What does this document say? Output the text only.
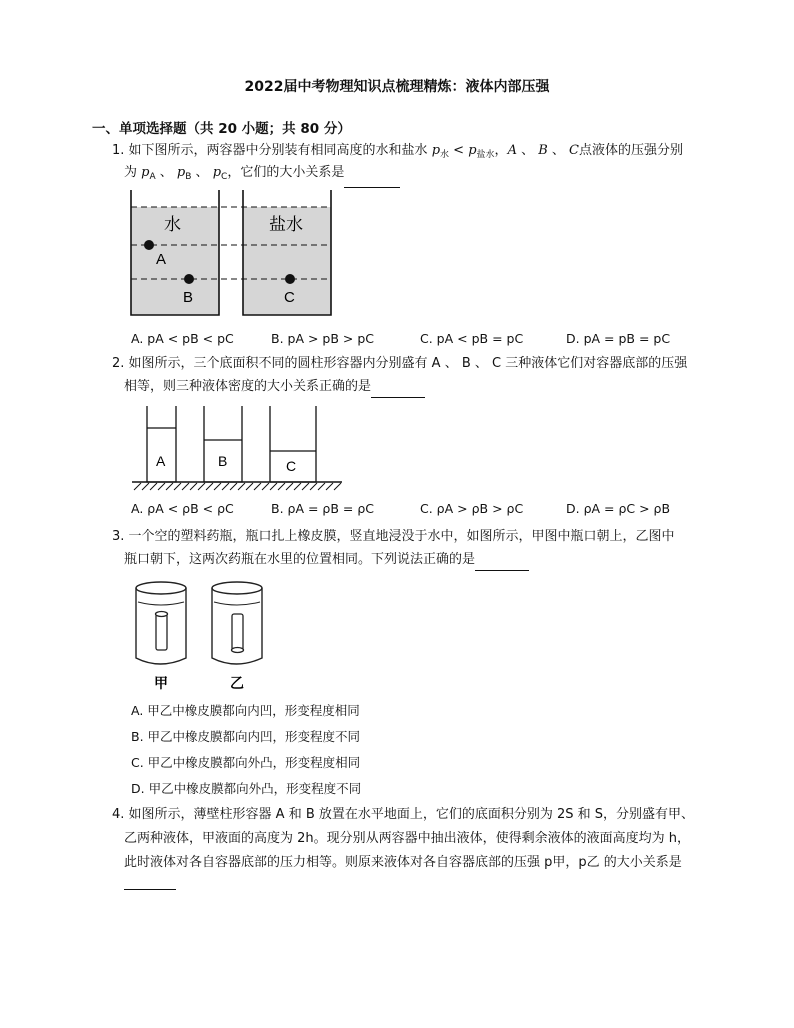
2022届中考物理知识点梳理精炼：液体内部压强
一、单项选择题（共 20 小题；共 80 分）
1. 如下图所示，两容器中分别装有相同高度的水和盐水 $p_水 < p_{盐水}$，A 、 B 、 C点液体的压强分别
为 $p_A$ 、 $p_B$ 、 $p_C$，它们的大小关系是
水	盐水
A
B	C
A. pA < pB < pC	B. pA > pB > pC	C. pA < pB = pC	D. pA = pB = pC
2. 如图所示，三个底面积不同的圆柱形容器内分别盛有 A 、 B 、 C 三种液体它们对容器底部的压强
相等，则三种液体密度的大小关系正确的是
A	B	C
A. ρA < ρB < ρC	B. ρA = ρB = ρC	C. ρA > ρB > ρC	D. ρA = ρC > ρB
3. 一个空的塑料药瓶，瓶口扎上橡皮膜，竖直地浸没于水中，如图所示，甲图中瓶口朝上，乙图中
瓶口朝下，这两次药瓶在水里的位置相同。下列说法正确的是
甲	乙
A. 甲乙中橡皮膜都向内凹，形变程度相同
B. 甲乙中橡皮膜都向内凹，形变程度不同
C. 甲乙中橡皮膜都向外凸，形变程度相同
D. 甲乙中橡皮膜都向外凸，形变程度不同
4. 如图所示，薄壁柱形容器 A 和 B 放置在水平地面上，它们的底面积分别为 2S 和 S，分别盛有甲、
乙两种液体，甲液面的高度为 2h。现分别从两容器中抽出液体，使得剩余液体的液面高度均为 h，
此时液体对各自容器底部的压力相等。则原来液体对各自容器底部的压强 p甲，p乙 的大小关系是
